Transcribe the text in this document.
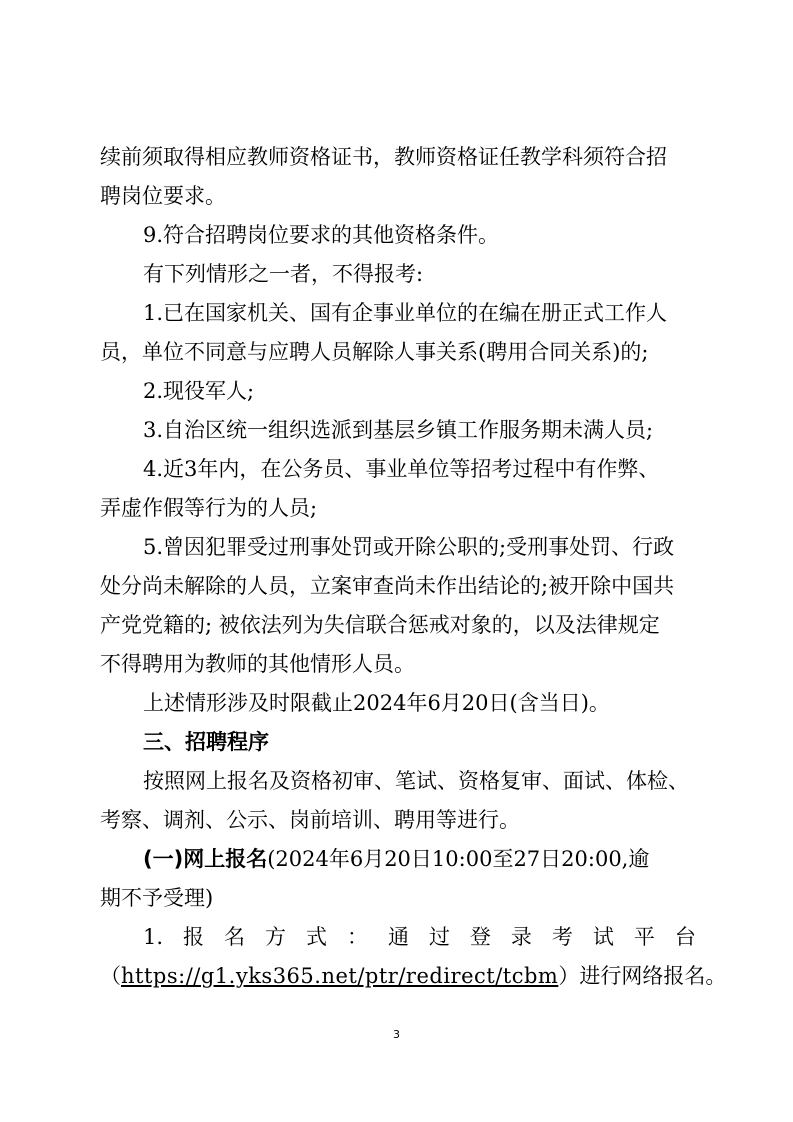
续前须取得相应教师资格证书，教师资格证任教学科须符合招
聘岗位要求。
9.符合招聘岗位要求的其他资格条件。
有下列情形之一者，不得报考:
1.已在国家机关、国有企事业单位的在编在册正式工作人
员，单位不同意与应聘人员解除人事关系(聘用合同关系)的;
2.现役军人;
3.自治区统一组织选派到基层乡镇工作服务期未满人员;
4.近3年内，在公务员、事业单位等招考过程中有作弊、
弄虚作假等行为的人员;
5.曾因犯罪受过刑事处罚或开除公职的;受刑事处罚、行政
处分尚未解除的人员，立案审查尚未作出结论的;被开除中国共
产党党籍的; 被依法列为失信联合惩戒对象的，以及法律规定
不得聘用为教师的其他情形人员。
上述情形涉及时限截止2024年6月20日(含当日)。
三、招聘程序
按照网上报名及资格初审、笔试、资格复审、面试、体检、
考察、调剂、公示、岗前培训、聘用等进行。
(一)网上报名(2024年6月20日10:00至27日20:00,逾
期不予受理)
1. 报 名 方 式 ： 通 过 登 录 考 试 平 台
（https://g1.yks365.net/ptr/redirect/tcbm）进行网络报名。
3
